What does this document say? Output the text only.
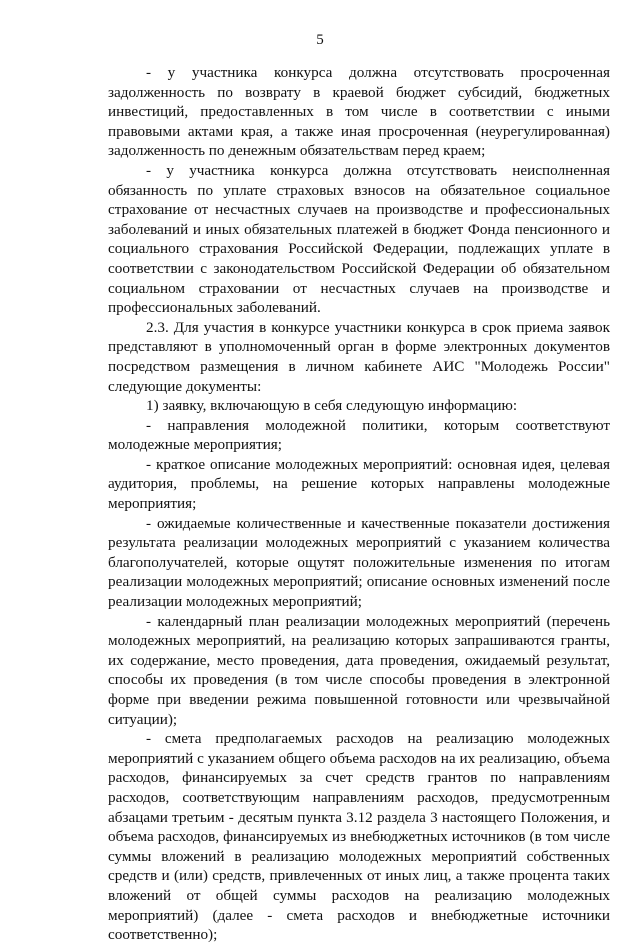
5

- у участника конкурса должна отсутствовать просроченная задолженность по возврату в краевой бюджет субсидий, бюджетных инвестиций, предоставленных в том числе в соответствии с иными правовыми актами края, а также иная просроченная (неурегулированная) задолженность по денежным обязательствам перед краем;

- у участника конкурса должна отсутствовать неисполненная обязанность по уплате страховых взносов на обязательное социальное страхование от несчастных случаев на производстве и профессиональных заболеваний и иных обязательных платежей в бюджет Фонда пенсионного и социального страхования Российской Федерации, подлежащих уплате в соответствии с законодательством Российской Федерации об обязательном социальном страховании от несчастных случаев на производстве и профессиональных заболеваний.

2.3. Для участия в конкурсе участники конкурса в срок приема заявок представляют в уполномоченный орган в форме электронных документов посредством размещения в личном кабинете АИС "Молодежь России" следующие документы:

1) заявку, включающую в себя следующую информацию:

- направления молодежной политики, которым соответствуют молодежные мероприятия;

- краткое описание молодежных мероприятий: основная идея, целевая аудитория, проблемы, на решение которых направлены молодежные мероприятия;

- ожидаемые количественные и качественные показатели достижения результата реализации молодежных мероприятий с указанием количества благополучателей, которые ощутят положительные изменения по итогам реализации молодежных мероприятий; описание основных изменений после реализации молодежных мероприятий;

- календарный план реализации молодежных мероприятий (перечень молодежных мероприятий, на реализацию которых запрашиваются гранты, их содержание, место проведения, дата проведения, ожидаемый результат, способы их проведения (в том числе способы проведения в электронной форме при введении режима повышенной готовности или чрезвычайной ситуации);

- смета предполагаемых расходов на реализацию молодежных мероприятий с указанием общего объема расходов на их реализацию, объема расходов, финансируемых за счет средств грантов по направлениям расходов, соответствующим направлениям расходов, предусмотренным абзацами третьим - десятым пункта 3.12 раздела 3 настоящего Положения, и объема расходов, финансируемых из внебюджетных источников (в том числе суммы вложений в реализацию молодежных мероприятий собственных средств и (или) средств, привлеченных от иных лиц, а также процента таких вложений от общей суммы расходов на реализацию молодежных мероприятий) (далее - смета расходов и внебюджетные источники соответственно);
